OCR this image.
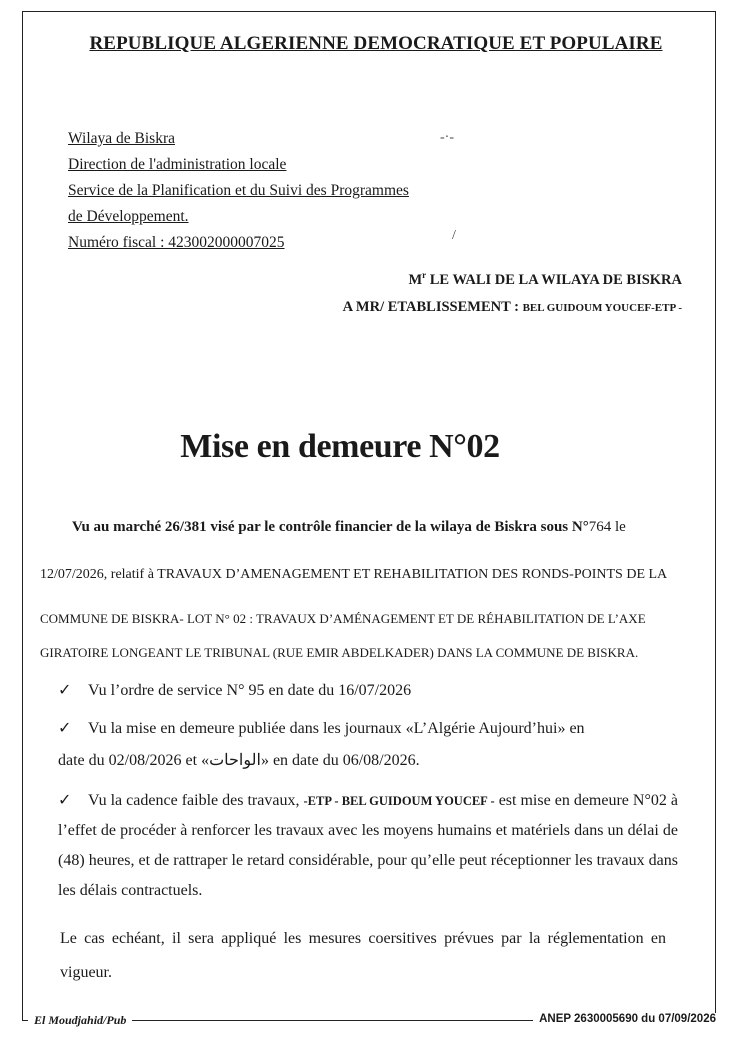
REPUBLIQUE ALGERIENNE DEMOCRATIQUE ET POPULAIRE
Wilaya de Biskra
Direction de l'administration locale
Service de la Planification et du Suivi des Programmes
de Développement.
Numéro fiscal : 423002000007025
$M^r$ LE WALI DE LA WILAYA DE BISKRA
A MR/ ETABLISSEMENT : BEL GUIDOUM YOUCEF-ETP -
-·-
/
Mise en demeure N°02
Vu au marché 26/381 visé par le contrôle financier de la wilaya de Biskra sous N°764 le
12/07/2026, relatif à TRAVAUX D’AMENAGEMENT ET REHABILITATION DES RONDS-POINTS DE LA
COMMUNE DE BISKRA- LOT N° 02 : TRAVAUX D’AMÉNAGEMENT ET DE RÉHABILITATION DE L’AXE
GIRATOIRE LONGEANT LE TRIBUNAL (RUE EMIR ABDELKADER) DANS LA COMMUNE DE BISKRA.
✓ Vu l’ordre de service N° 95 en date du 16/07/2026
✓ Vu la mise en demeure publiée dans les journaux «L’Algérie Aujourd’hui» en
date du 02/08/2026 et «الواحات» en date du 06/08/2026.
✓ Vu la cadence faible des travaux, -ETP - BEL GUIDOUM YOUCEF - est mise en demeure N°02 à l’effet de procéder à renforcer les travaux avec les moyens humains et matériels dans un délai de (48) heures, et de rattraper le retard considérable, pour qu’elle peut réceptionner les travaux dans les délais contractuels.
Le cas echéant, il sera appliqué les mesures coersitives prévues par la réglementation en vigueur.
El Moudjahid/Pub	ANEP 2630005690 du 07/09/2026
